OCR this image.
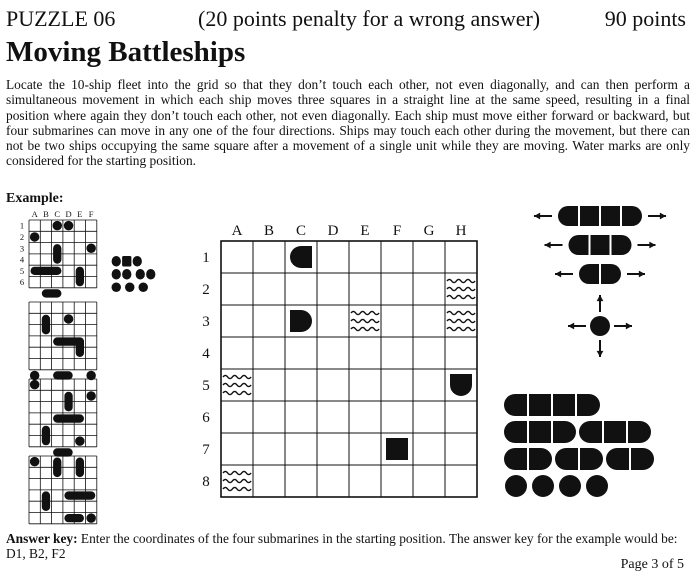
PUZZLE 06	(20 points penalty for a wrong answer)	90 points
Moving Battleships
Locate the 10-ship fleet into the grid so that they don’t touch each other, not even diagonally, and can then perform a simultaneous movement in which each ship moves three squares in a straight line at the same speed, resulting in a final position where again they don’t touch each other, not even diagonally. Each ship must move either forward or backward, but four submarines can move in any one of the four directions. Ships may touch each other during the movement, but there can not be two ships occupying the same square after a movement of a single unit while they are moving. Water marks are only considered for the starting position.
Example:
A B C D E F
1
2
3
4
5
6
A B C D E F G H
1
2
3
4
5
6
7
8
Answer key: Enter the coordinates of the four submarines in the starting position. The answer key for the example would be: D1, B2, F2
Page 3 of 5
